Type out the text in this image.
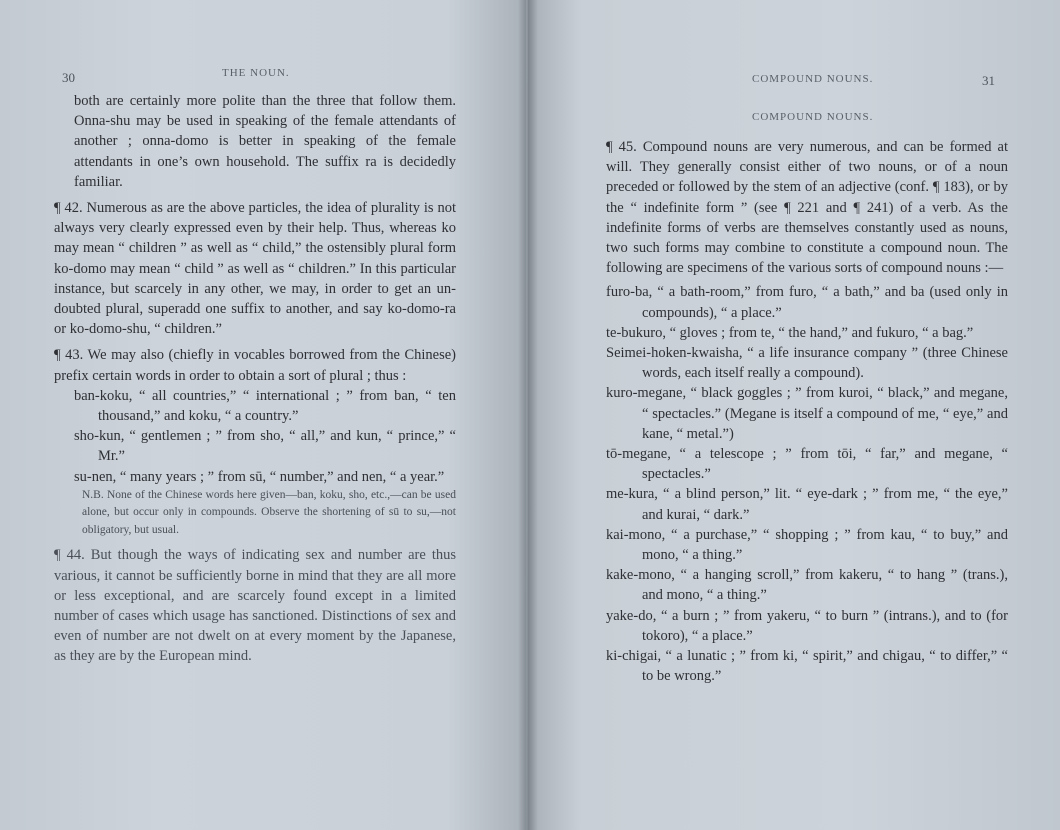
30	THE NOUN.

both are certainly more polite than the three that follow them. Onna-shu may be used in speaking of the female attendants of another ; onna-domo is better in speaking of the female attendants in one’s own household. The suffix ra is decidedly familiar.

¶ 42. Numerous as are the above particles, the idea of plurality is not always very clearly expressed even by their help. Thus, whereas ko may mean “ children ” as well as “ child,” the ostensibly plural form ko-domo may mean “ child ” as well as “ children.” In this particular instance, but scarcely in any other, we may, in order to get an un-doubted plural, superadd one suffix to another, and say ko-domo-ra or ko-domo-shu, “ children.”

¶ 43. We may also (chiefly in vocables borrowed from the Chinese) prefix certain words in order to obtain a sort of plural ; thus :

ban-koku, “ all countries,” “ international ; ” from ban, “ ten thousand,” and koku, “ a country.”

sho-kun, “ gentlemen ; ” from sho, “ all,” and kun, “ prince,” “ Mr.”

su-nen, “ many years ; ” from sū, “ number,” and nen, “ a year.”

N.B. None of the Chinese words here given—ban, koku, sho, etc.,—can be used alone, but occur only in compounds. Observe the shortening of sū to su,—not obligatory, but usual.

¶ 44. But though the ways of indicating sex and number are thus various, it cannot be sufficiently borne in mind that they are all more or less exceptional, and are scarcely found except in a limited number of cases which usage has sanctioned. Distinctions of sex and even of number are not dwelt on at every moment by the Japanese, as they are by the European mind.

COMPOUND NOUNS.	31
COMPOUND NOUNS.

¶ 45. Compound nouns are very numerous, and can be formed at will. They generally consist either of two nouns, or of a noun preceded or followed by the stem of an adjective (conf. ¶ 183), or by the “ indefinite form ” (see ¶ 221 and ¶ 241) of a verb. As the indefinite forms of verbs are themselves constantly used as nouns, two such forms may combine to constitute a compound noun. The following are specimens of the various sorts of compound nouns :—

furo-ba, “ a bath-room,” from furo, “ a bath,” and ba (used only in compounds), “ a place.”

te-bukuro, “ gloves ; from te, “ the hand,” and fukuro, “ a bag.”

Seimei-hoken-kwaisha, “ a life insurance company ” (three Chinese words, each itself really a compound).

kuro-megane, “ black goggles ; ” from kuroi, “ black,” and megane, “ spectacles.” (Megane is itself a compound of me, “ eye,” and kane, “ metal.”)

tō-megane, “ a telescope ; ” from tōi, “ far,” and megane, “ spectacles.”

me-kura, “ a blind person,” lit. “ eye-dark ; ” from me, “ the eye,” and kurai, “ dark.”

kai-mono, “ a purchase,” “ shopping ; ” from kau, “ to buy,” and mono, “ a thing.”

kake-mono, “ a hanging scroll,” from kakeru, “ to hang ” (trans.), and mono, “ a thing.”

yake-do, “ a burn ; ” from yakeru, “ to burn ” (intrans.), and to (for tokoro), “ a place.”

ki-chigai, “ a lunatic ; ” from ki, “ spirit,” and chigau, “ to differ,” “ to be wrong.”
